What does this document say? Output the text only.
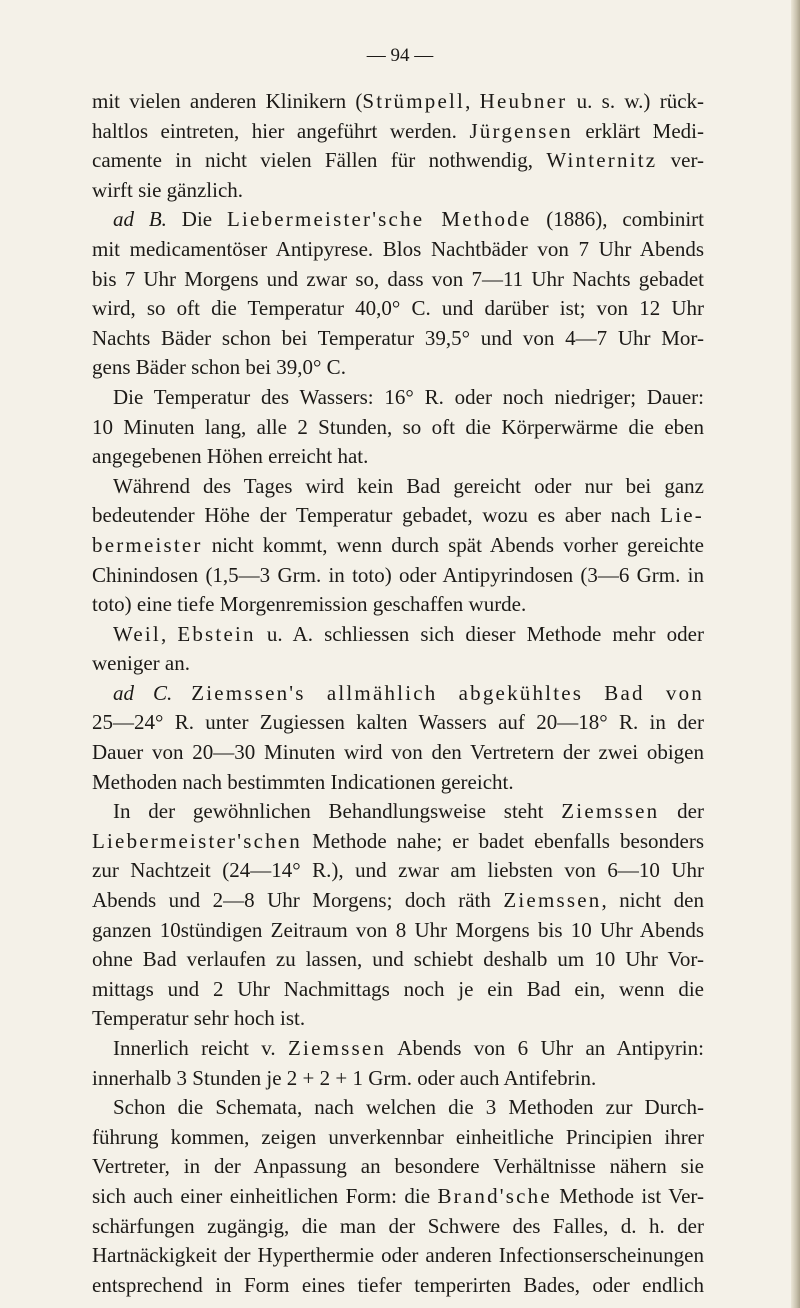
— 94 —
mit vielen anderen Klinikern (Strümpell, Heubner u. s. w.) rück-
haltlos eintreten, hier angeführt werden. Jürgensen erklärt Medi-
camente in nicht vielen Fällen für nothwendig, Winternitz ver-
wirft sie gänzlich.
ad B. Die Liebermeister'sche Methode (1886), combinirt
mit medicamentöser Antipyrese. Blos Nachtbäder von 7 Uhr Abends
bis 7 Uhr Morgens und zwar so, dass von 7—11 Uhr Nachts gebadet
wird, so oft die Temperatur 40,0° C. und darüber ist; von 12 Uhr
Nachts Bäder schon bei Temperatur 39,5° und von 4—7 Uhr Mor-
gens Bäder schon bei 39,0° C.
Die Temperatur des Wassers: 16° R. oder noch niedriger; Dauer:
10 Minuten lang, alle 2 Stunden, so oft die Körperwärme die eben
angegebenen Höhen erreicht hat.
Während des Tages wird kein Bad gereicht oder nur bei ganz
bedeutender Höhe der Temperatur gebadet, wozu es aber nach Lie-
bermeister nicht kommt, wenn durch spät Abends vorher gereichte
Chinindosen (1,5—3 Grm. in toto) oder Antipyrindosen (3—6 Grm. in
toto) eine tiefe Morgenremission geschaffen wurde.
Weil, Ebstein u. A. schliessen sich dieser Methode mehr oder
weniger an.
ad C. Ziemssen's allmählich abgekühltes Bad von
25—24° R. unter Zugiessen kalten Wassers auf 20—18° R. in der
Dauer von 20—30 Minuten wird von den Vertretern der zwei obigen
Methoden nach bestimmten Indicationen gereicht.
In der gewöhnlichen Behandlungsweise steht Ziemssen der
Liebermeister'schen Methode nahe; er badet ebenfalls besonders
zur Nachtzeit (24—14° R.), und zwar am liebsten von 6—10 Uhr
Abends und 2—8 Uhr Morgens; doch räth Ziemssen, nicht den
ganzen 10stündigen Zeitraum von 8 Uhr Morgens bis 10 Uhr Abends
ohne Bad verlaufen zu lassen, und schiebt deshalb um 10 Uhr Vor-
mittags und 2 Uhr Nachmittags noch je ein Bad ein, wenn die
Temperatur sehr hoch ist.
Innerlich reicht v. Ziemssen Abends von 6 Uhr an Antipyrin:
innerhalb 3 Stunden je 2 + 2 + 1 Grm. oder auch Antifebrin.
Schon die Schemata, nach welchen die 3 Methoden zur Durch-
führung kommen, zeigen unverkennbar einheitliche Principien ihrer
Vertreter, in der Anpassung an besondere Verhältnisse nähern sie
sich auch einer einheitlichen Form: die Brand'sche Methode ist Ver-
schärfungen zugängig, die man der Schwere des Falles, d. h. der
Hartnäckigkeit der Hyperthermie oder anderen Infectionserscheinungen
entsprechend in Form eines tiefer temperirten Bades, oder endlich
